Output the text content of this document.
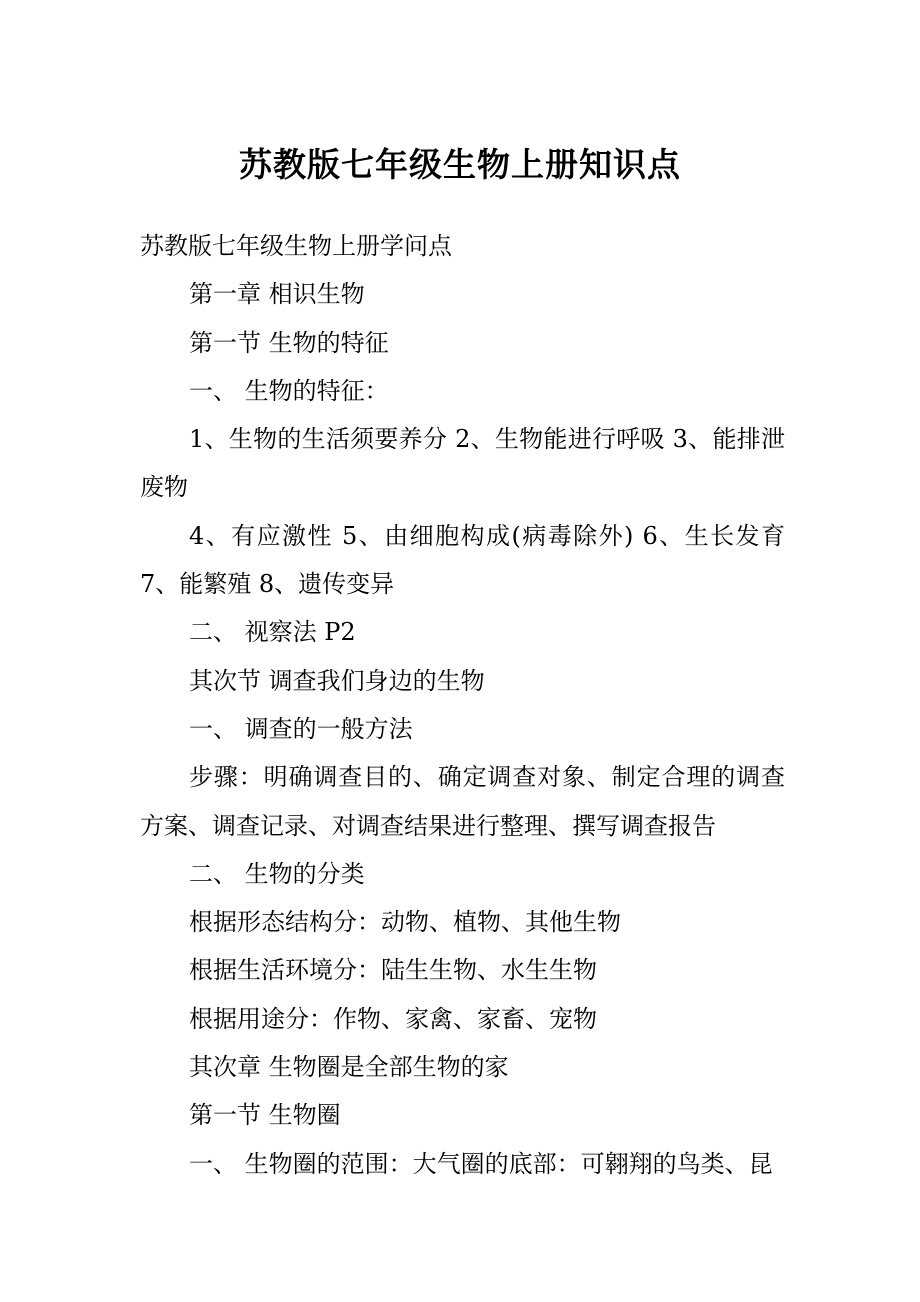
苏教版七年级生物上册知识点

苏教版七年级生物上册学问点

第一章 相识生物

第一节 生物的特征

一、 生物的特征：

1、生物的生活须要养分 2、生物能进行呼吸 3、能排泄废物

4、有应激性 5、由细胞构成(病毒除外) 6、生长发育 7、能繁殖 8、遗传变异

二、 视察法 P2

其次节 调查我们身边的生物

一、 调查的一般方法

步骤：明确调查目的、确定调查对象、制定合理的调查方案、调查记录、对调查结果进行整理、撰写调查报告

二、 生物的分类

根据形态结构分：动物、植物、其他生物

根据生活环境分：陆生生物、水生生物

根据用途分：作物、家禽、家畜、宠物

其次章 生物圈是全部生物的家

第一节 生物圈

一、 生物圈的范围：大气圈的底部：可翱翔的鸟类、昆
